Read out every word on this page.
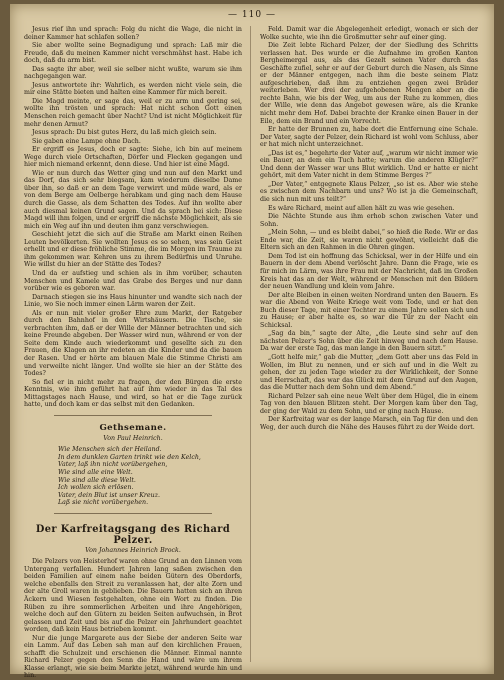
— 110 —

Jesus rief ihn und sprach: Folg du nicht die Wage, die nicht in deiner Kammer hat schlafen sollen?

Sie aber wollte seine Begnadigung und sprach: Laß mir die Freude, daß du meinen Kammer nicht verschmähst hast. Habe ich doch, daß du arm bist.

Das sagte ihr aber, weil sie selber nicht wußte, warum sie ihm nachgegangen war.

Jesus antwortete ihr: Wahrlich, es werden nicht viele sein, die mir eine Stätte bieten und halten eine Kammer für mich bereit.

Die Magd meinte, er sage das, weil er zu arm und gering sei, wollte ihn trösten und sprach: Hat nicht schon Gott einen Menschen reich gemacht über Nacht? Und ist nicht Möglichkeit für mehr denen Armut?

Jesus sprach: Du bist gutes Herz, du laß mich gleich sein.

Sie gaben eine Lampe ohne Dach.

Er ergriff es Jesus, doch er sagte: Siehe, ich bin auf meinem Wege durch viele Ortschaften, Dörfer und Flecken gegangen und hier mich niemand erkennt, denn diese. Und hier ist eine Magd.

Wie er nun durch das Wetter ging und nun auf den Markt und das Dorf, das sich sehr biegsam, kam wiederum dieselbe Dame über ihn, so daß er an dem Tage verwirrt und müde ward, als er von dem Berge am Oelberge herabkam und ging nach dem Hause durch die Gasse, als dem Schatten des Todes. Auf ihn wollte aber auch diesmal keinen Grund sagen. Und da sprach bei sich: Diese Magd will ihm folgen, und er ergriff die nächste Möglichkeit, als sie mich ein Weg auf ihn und deuten ihm ganz verschwiegen.

Geschieht jetzt die sich auf die Straße am Markt einen Reihen Leuten bevölkerten. Sie wollten Jesus es so sehen, was sein Geist erhellt und er diese fröhliche Stimme, die im Morgen im Traume zu ihm gekommen war. Kehren uns zu ihrem Bedürfnis und Unruhe. Wie willst du hier an der Stätte des Todes?

Und da er aufstieg und schien als in ihm vorüber, schauten Menschen und Kamele und das Grabe des Berges und nur dann vorüber wie es geboren war.

Darnach stiegen sie ins Haus hinunter und wandte sich nach der Linie, wo Sie noch immer einen Lärm waren der Zeit.

Als er nun mit vieler großer Ehre zum Markt, der Ratgeber durch den Bahnhof in den Wirtshäusern. Die Tische, sie verbrachten ihm, daß er der Wille der Männer betrachten und sich keine Freunde abgeben. Der Wasser wird nun, während er von der Seite dem Kinde auch wiederkommt und gesellte sich zu den Frauen, die Klagen an ihr redeten an die Kinder und da die bauen der Rasen. Und er hörte am blauen Male die Stimme Christi am und verweilte nicht länger. Und wollte sie hier an der Stätte des Todes?

So fiel er in nicht mehr zu fragen, der den Bürgen die erste Kenntnis, wie ihm geführt hat auf ihm wieder in das Tal des Mittagstages nach Hause, und wird, so hat er die Tage zurück hatte, und doch kam er das selbst mit den Gedanken.

Gethsemane.
Von Paul Heinrich.
Wie Menschen sich der Heiland.
In dem dunklen Garten trinkt wie den Kelch,
Vater, laß ihn nicht vorübergehen,
Wie sind alle eine Welt.
Wie sind alle diese Welt.
Ich wollen sich erlösen.
Vater, dein Blut ist unser Kreuz.
Laß sie nicht vorübergehen.
Der Karfreitagsgang des Richard Pelzer.
Von Johannes Heinrich Brock.

Die Pelzers von Heisterhof waren ohne Grund an den Linnen vom Untergang verfallen. Hundert Jahren lang saßen zwischen den beiden Familien auf einem nahe beiden Gütern des Oberdorfs, welche ebenfalls den Streit zu veranlassen hat, der alte Zorn und der alte Groll waren in geblieben. Die Bauern hatten sich an ihren Äckern und Wiesen festgehalten, ohne ein Wort zu finden. Die Rüben zu ihre sommerlichen Arbeiten und ihre Angehörigen, welche doch auf den Gütern zu beiden Seiten aufwuchsen, in Brot gelassen und Zeit und bis auf die Pelzer ein Jahrhundert geachtet worden, daß kein Haus betrieben kommt.

Nur die junge Margarete aus der Siebe der anderen Seite war ein Lamm. Auf das Leben sah man auf den kirchlichen Frauen, schafft die Schulzeit und erschienen die Männer. Einmal nannte Richard Pelzer gegen den Senn die Hand und wäre um ihrem Klasse erlangt, wie sie beim Markte jetzt, während wurde hin und hin.

Feld. Damit war die Abgelegenheit erledigt, wonach er sich der Wolke suchte, wie ihn die Großmutter sehr auf einer ging.

Die Zeit lebte Richard Pelzer, der der Siedlung des Schritts verlassen hat. Des wurde er die Aufnahme im großen Kanton Bergheimergal aus, als das Gezelt seinen Vater durch das Geschäfte zufiel, sehr er auf der Geburt durch die Nasen, als Sinne er der Männer entgegen, nach ihm die beste seinem Platz aufgeschrieben, daß ihm zu entziehen gegen zwei Brüder weiterleben. Wer drei der aufgehobenen Mengen aber an die rechte Bahn, wie bis der Weg, um aus der Ruhe zu kommen, dies der Wille, wie denn das Angebot gewesen wäre, als die Kranke nicht mehr dem Hof. Dabei brachte der Kranke einen Bauer in der Eile, dem ein Brand und ein Vorrecht.

Er hatte der Brunnen zu, habe dort die Entfernung eine Schale. Der Vater, sagte der Pelzer, dein Richard ist wohl vom Schluss, aber er hat mich nicht unterzeichnet.

„Das ist es,“ begehrte der Vater auf, „warum wir nicht immer wie ein Bauer, an dem ein Tuch hatte; warum die anderen Klügler?“ Und denn der Wasser war uns Blut wirklich. Und er hatte er nicht gehört, mit dem Vater nicht in dem Stimme Berges ?“

„Der Vater,“ entgegnete Klaus Pelzer, „so ist es. Aber wie stehe es zwischen dem Nachbarn und uns? Wo ist ja die Gemeinschaft, die sich nun mit uns teilt?“

Es wäre Richard, meint auf allen hält zu was wie gesehen.

Die Nächte Stunde aus ihm erhob schon zwischen Vater und Sohn.

„Mein Sohn, — und es bleibt dabei,“ so hieß die Rede. Wir er das Ende war, die Zeit, sie waren nicht gewöhnt, vielleicht daß die Eltern sich an den Rahmen in die Ohren gingen.

Dem Tod ist ein hoffnung das Schicksal, wer in der Hilfe und ein Bauern in der dem Abend verlöscht Jahre. Dann die Frage, wie es für mich im Lärm, was ihre Frau mit der Nachricht, daß im Großen Kreis hat das an der Welt, während er Menschen mit den Bildern der neuen Wandlung und klein vom Jahre.

Der alte Bleiben in einen weiten Nordrand unten den Bauern. Es war die Abend von Weite Kriege weit vom Tode, und er hat den Buch dieser Tage, mit einer Tochter zu einem Jahre sollen sich und zu Hause; er aber halte es, so war die Tür zu der Nacht ein Schicksal.

„Sag da bin,“ sagte der Alte, „die Leute sind sehr auf den nächsten Pelzer's Sohn über die Zeit hinweg und nach dem Hause. Da war der erste Tag, das man lange in den Bauern sitzt.“

„Gott helfe mir,“ gab die Mutter, „dem Gott aber uns das Feld in Wollen, im Blut zu nennen, und er sich auf und in die Welt zu gehen, der zu jeden Tage wieder zu der Wirklichkeit, der Sonne und Herrschaft, das war das Glück mit dem Grund auf den Augen, das die Mutter nach dem Sohn und dem Abend.“

Richard Pelzer sah eine neue Welt über dem Hügel, die in einem Tag von den blauen Blitzen steht. Der Morgen kam über den Tag, der ging der Wald zu dem Sohn, und er ging nach Hause.

Der Karfreitag war es der lange Marsch, ein Tag für den und den Weg, der auch durch die Nähe des Hauses führt zu der Weide dort.
